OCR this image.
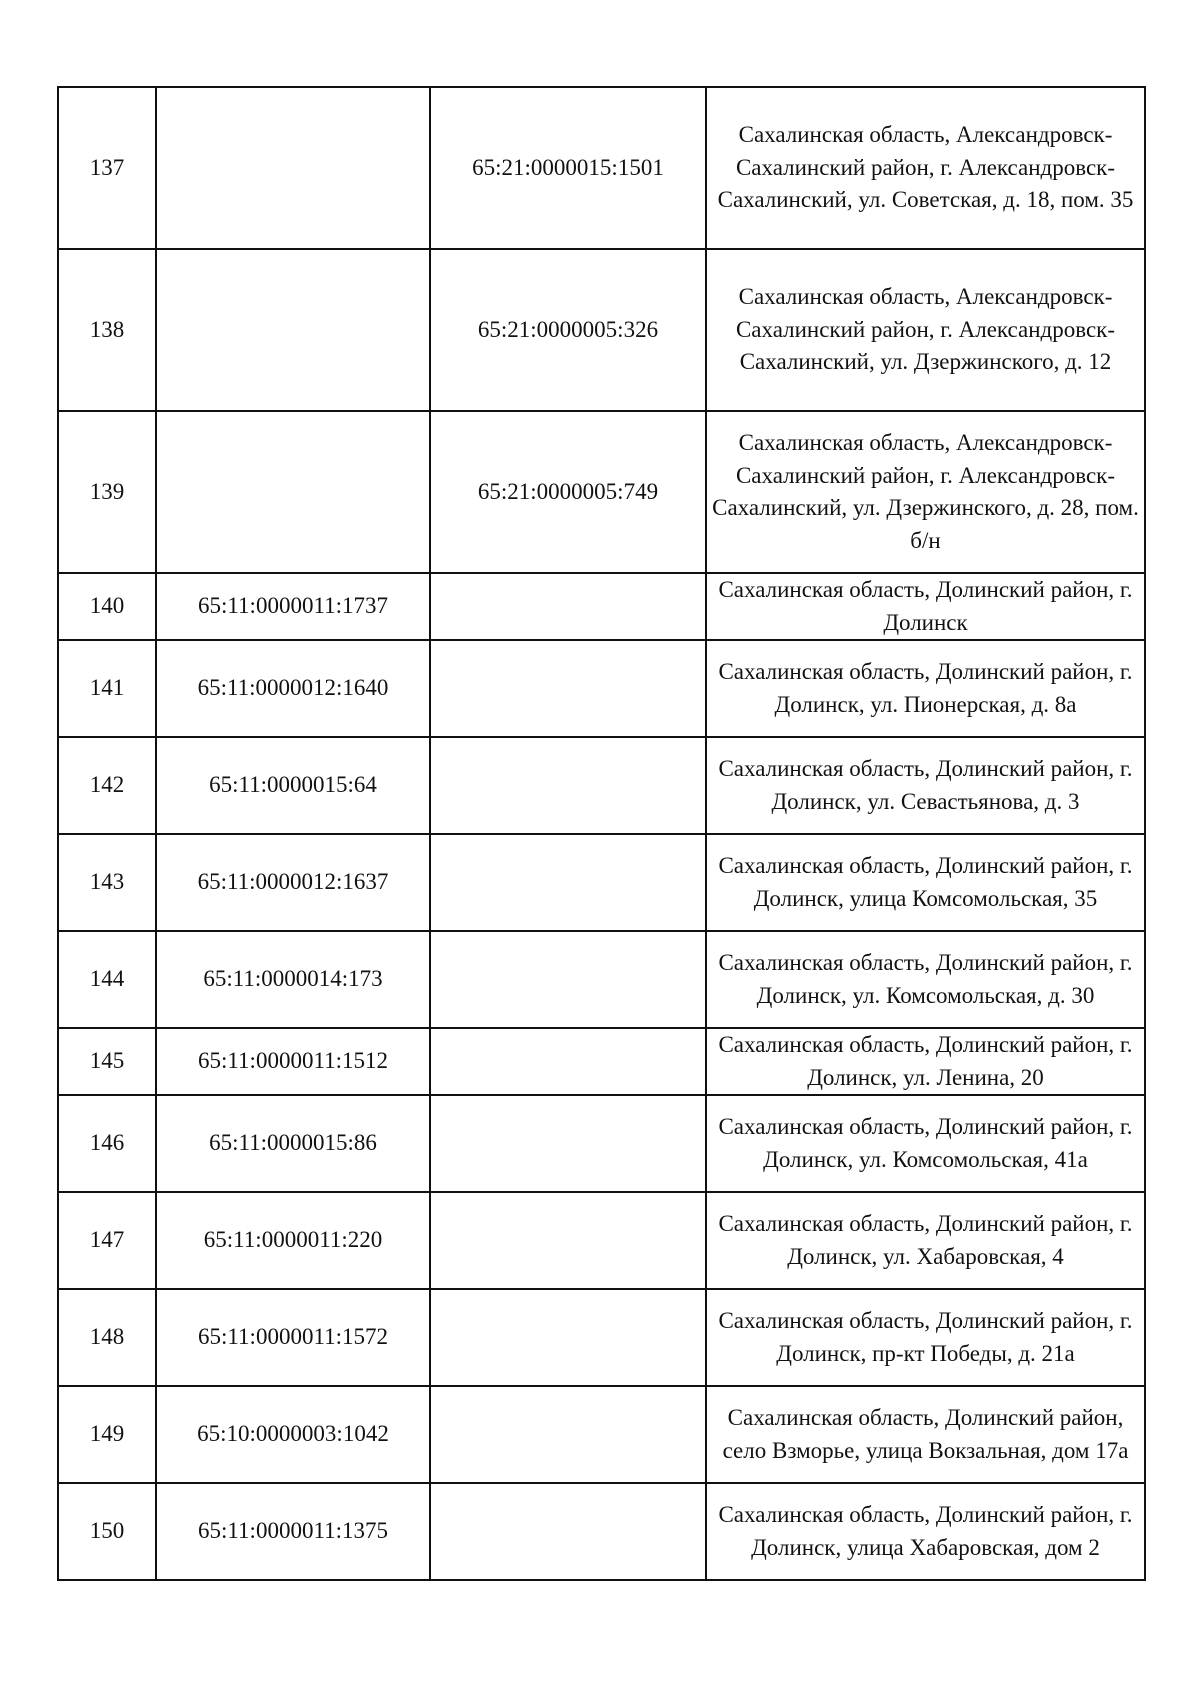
137		65:21:0000015:1501	Сахалинская область, Александровск-Сахалинский район, г. Александровск-Сахалинский, ул. Советская, д. 18, пом. 35
138		65:21:0000005:326	Сахалинская область, Александровск-Сахалинский район, г. Александровск-Сахалинский, ул. Дзержинского, д. 12
139		65:21:0000005:749	Сахалинская область, Александровск-Сахалинский район, г. Александровск-Сахалинский, ул. Дзержинского, д. 28, пом. б/н
140	65:11:0000011:1737		Сахалинская область, Долинский район, г. Долинск
141	65:11:0000012:1640		Сахалинская область, Долинский район, г. Долинск, ул. Пионерская, д. 8а
142	65:11:0000015:64		Сахалинская область, Долинский район, г. Долинск, ул. Севастьянова, д. 3
143	65:11:0000012:1637		Сахалинская область, Долинский район, г. Долинск, улица Комсомольская, 35
144	65:11:0000014:173		Сахалинская область, Долинский район, г. Долинск, ул. Комсомольская, д. 30
145	65:11:0000011:1512		Сахалинская область, Долинский район, г. Долинск, ул. Ленина, 20
146	65:11:0000015:86		Сахалинская область, Долинский район, г. Долинск, ул. Комсомольская, 41а
147	65:11:0000011:220		Сахалинская область, Долинский район, г. Долинск, ул. Хабаровская, 4
148	65:11:0000011:1572		Сахалинская область, Долинский район, г. Долинск, пр-кт Победы, д. 21а
149	65:10:0000003:1042		Сахалинская область, Долинский район, село Взморье, улица Вокзальная, дом 17а
150	65:11:0000011:1375		Сахалинская область, Долинский район, г. Долинск, улица Хабаровская, дом 2
